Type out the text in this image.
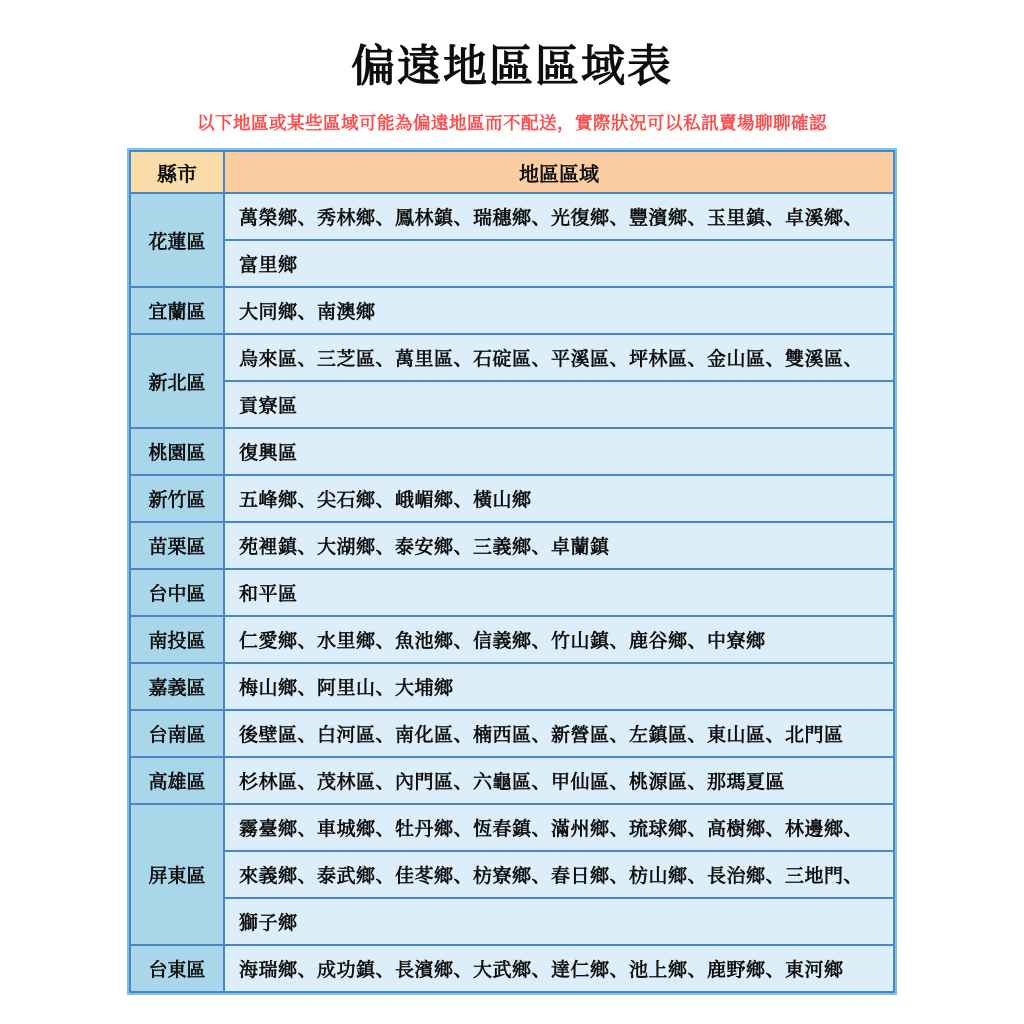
偏遠地區區域表

以下地區或某些區域可能為偏遠地區而不配送，實際狀況可以私訊賣場聊聊確認

縣市	地區區域
花蓮區	萬榮鄉、秀林鄉、鳳林鎮、瑞穗鄉、光復鄉、豐濱鄉、玉里鎮、卓溪鄉、
	富里鄉
宜蘭區	大同鄉、南澳鄉
新北區	烏來區、三芝區、萬里區、石碇區、平溪區、坪林區、金山區、雙溪區、
	貢寮區
桃園區	復興區
新竹區	五峰鄉、尖石鄉、峨嵋鄉、橫山鄉
苗栗區	苑裡鎮、大湖鄉、泰安鄉、三義鄉、卓蘭鎮
台中區	和平區
南投區	仁愛鄉、水里鄉、魚池鄉、信義鄉、竹山鎮、鹿谷鄉、中寮鄉
嘉義區	梅山鄉、阿里山、大埔鄉
台南區	後壁區、白河區、南化區、楠西區、新營區、左鎮區、東山區、北門區
高雄區	杉林區、茂林區、內門區、六龜區、甲仙區、桃源區、那瑪夏區
屏東區	霧臺鄉、車城鄉、牡丹鄉、恆春鎮、滿州鄉、琉球鄉、高樹鄉、林邊鄉、
	來義鄉、泰武鄉、佳苳鄉、枋寮鄉、春日鄉、枋山鄉、長治鄉、三地門、
	獅子鄉
台東區	海瑞鄉、成功鎮、長濱鄉、大武鄉、達仁鄉、池上鄉、鹿野鄉、東河鄉
